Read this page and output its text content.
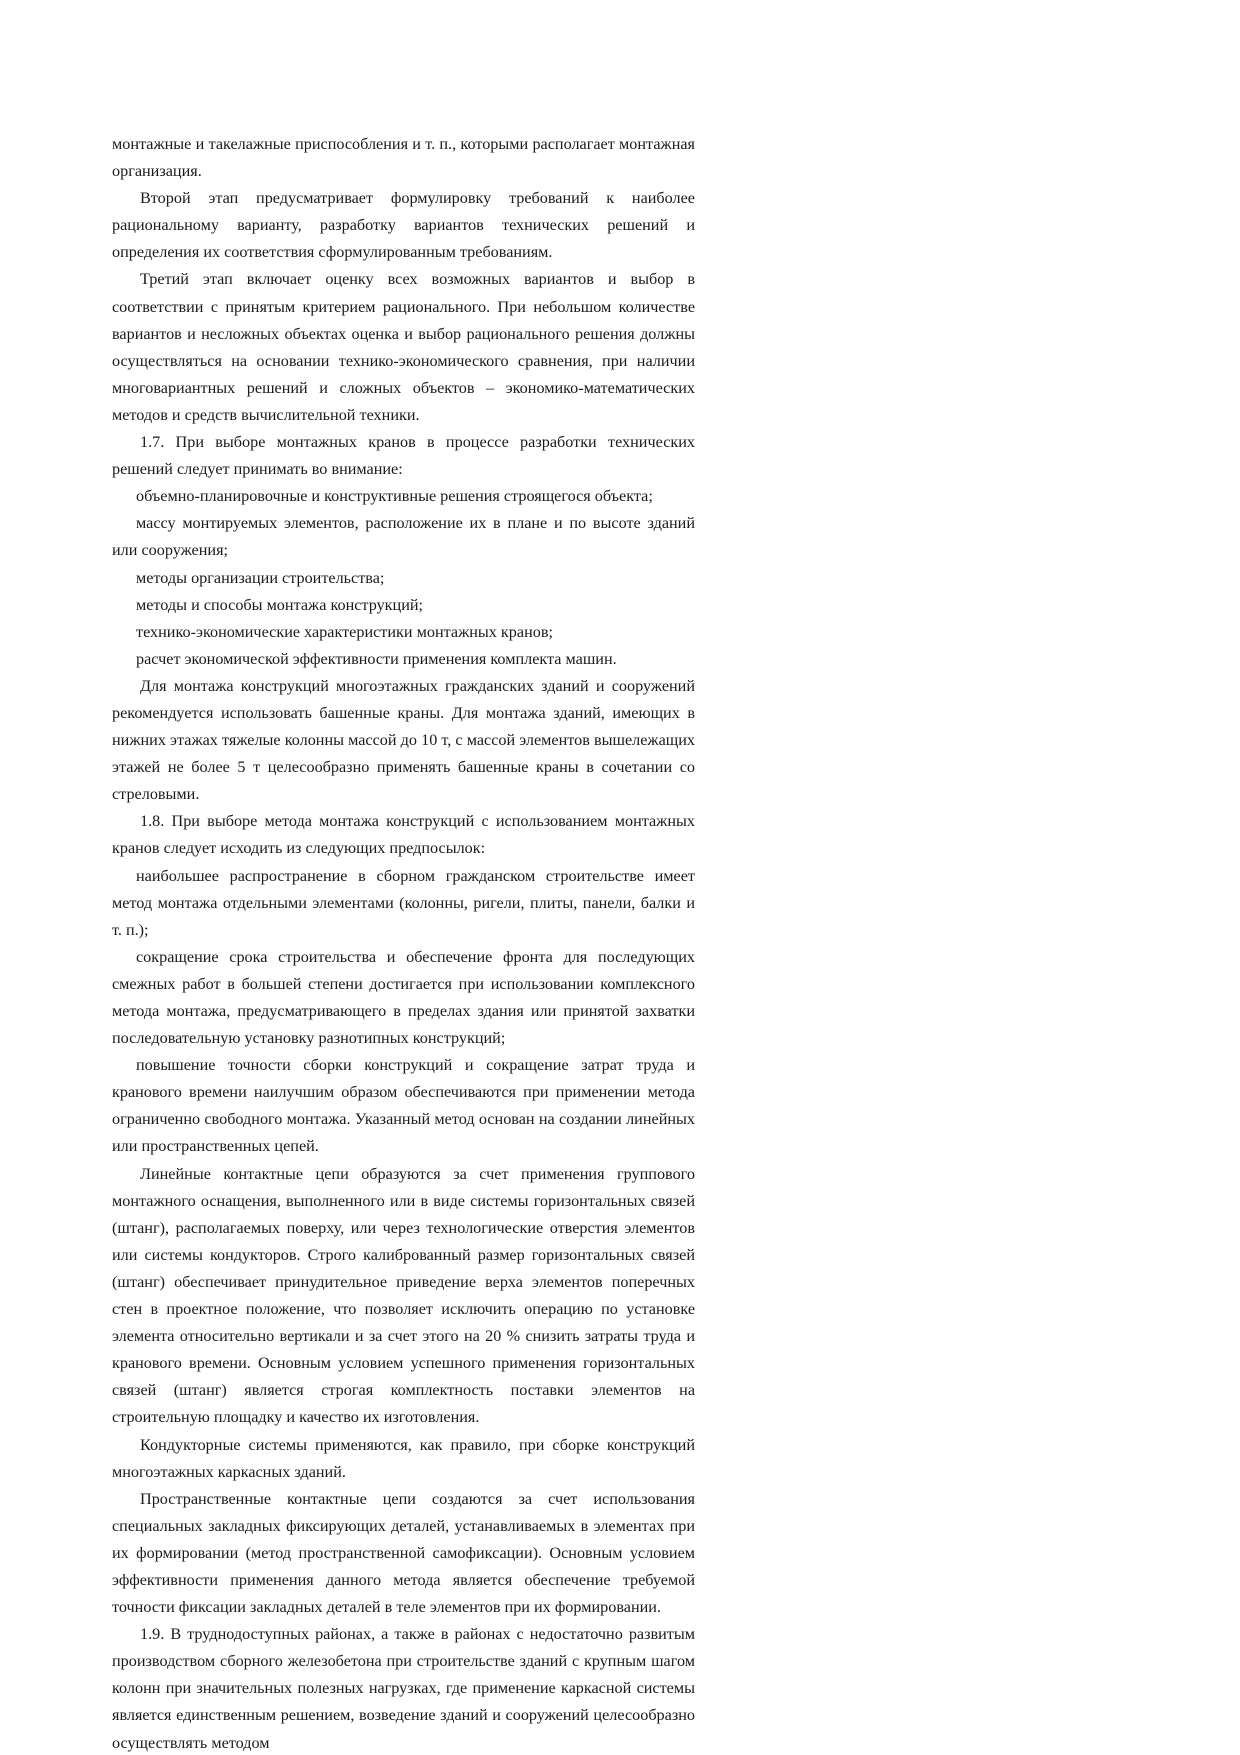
монтажные и такелажные приспособления и т. п., которыми располагает монтажная организация.

Второй этап предусматривает формулировку требований к наиболее рациональному варианту, разработку вариантов технических решений и определения их соответствия сформулированным требованиям.

Третий этап включает оценку всех возможных вариантов и выбор в соответствии с принятым критерием рационального. При небольшом количестве вариантов и несложных объектах оценка и выбор рационального решения должны осуществляться на основании технико-экономического сравнения, при наличии многовариантных решений и сложных объектов – экономико-математических методов и средств вычислительной техники.

1.7. При выборе монтажных кранов в процессе разработки технических решений следует принимать во внимание:

объемно-планировочные и конструктивные решения строящегося объекта;

массу монтируемых элементов, расположение их в плане и по высоте зданий или сооружения;

методы организации строительства;

методы и способы монтажа конструкций;

технико-экономические характеристики монтажных кранов;

расчет экономической эффективности применения комплекта машин.

Для монтажа конструкций многоэтажных гражданских зданий и сооружений рекомендуется использовать башенные краны. Для монтажа зданий, имеющих в нижних этажах тяжелые колонны массой до 10 т, с массой элементов вышележащих этажей не более 5 т целесообразно применять башенные краны в сочетании со стреловыми.

1.8. При выборе метода монтажа конструкций с использованием монтажных кранов следует исходить из следующих предпосылок:

наибольшее распространение в сборном гражданском строительстве имеет метод монтажа отдельными элементами (колонны, ригели, плиты, панели, балки и т. п.);

сокращение срока строительства и обеспечение фронта для последующих смежных работ в большей степени достигается при использовании комплексного метода монтажа, предусматривающего в пределах здания или принятой захватки последовательную установку разнотипных конструкций;

повышение точности сборки конструкций и сокращение затрат труда и кранового времени наилучшим образом обеспечиваются при применении метода ограниченно свободного монтажа. Указанный метод основан на создании линейных или пространственных цепей.

Линейные контактные цепи образуются за счет применения группового монтажного оснащения, выполненного или в виде системы горизонтальных связей (штанг), располагаемых поверху, или через технологические отверстия элементов или системы кондукторов. Строго калиброванный размер горизонтальных связей (штанг) обеспечивает принудительное приведение верха элементов поперечных стен в проектное положение, что позволяет исключить операцию по установке элемента относительно вертикали и за счет этого на 20 % снизить затраты труда и кранового времени. Основным условием успешного применения горизонтальных связей (штанг) является строгая комплектность поставки элементов на строительную площадку и качество их изготовления.

Кондукторные системы применяются, как правило, при сборке конструкций многоэтажных каркасных зданий.

Пространственные контактные цепи создаются за счет использования специальных закладных фиксирующих деталей, устанавливаемых в элементах при их формировании (метод пространственной самофиксации). Основным условием эффективности применения данного метода является обеспечение требуемой точности фиксации закладных деталей в теле элементов при их формировании.

1.9. В труднодоступных районах, а также в районах с недостаточно развитым производством сборного железобетона при строительстве зданий с крупным шагом колонн при значительных полезных нагрузках, где применение каркасной системы является единственным решением, возведение зданий и сооружений целесообразно осуществлять методом
